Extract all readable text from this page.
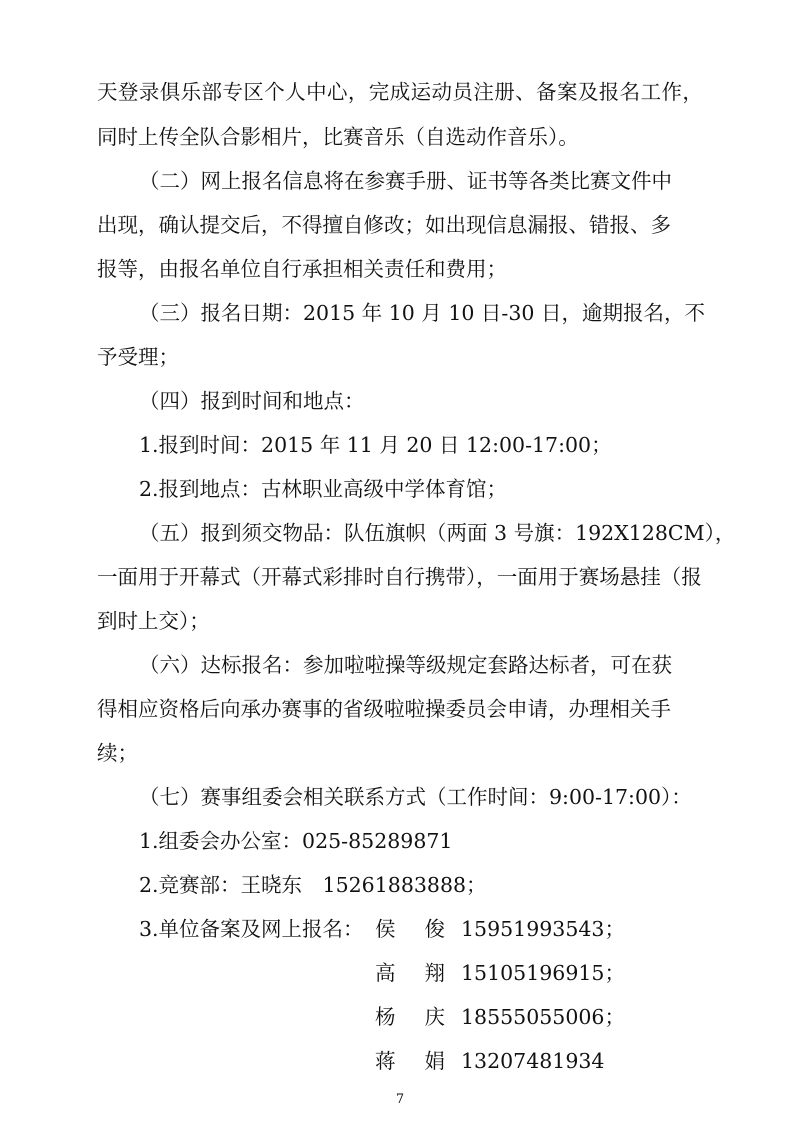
天 登 录 俱 乐 部 专 区 个 人 中 心 ， 完 成 运 动 员 注 册 、 备 案 及 报 名 工 作 ，
同时上传全队合影相片，比赛音乐（自选动作音乐）。
（二）网上报名信息将在参赛手册、证书等各类比赛文件中
出现，确认提交后，不得擅自修改；如出现信息漏报、错报、多
报等，由报名单位自行承担相关责任和费用；
（三）报名日期：2015 年 10 月 10 日-30 日，逾期报名，不
予受理；
（四）报到时间和地点：
1.报到时间：2015 年 11 月 20 日 12:00-17:00；
2.报到地点：古林职业高级中学体育馆；
（五）报到须交物品：队伍旗帜（两面 3 号旗：192X128CM），
一面用于开幕式（开幕式彩排时自行携带），一面用于赛场悬挂（报
到时上交）；
（六）达标报名：参加啦啦操等级规定套路达标者，可在获
得相应资格后向承办赛事的省级啦啦操委员会申请，办理相关手
续；
（七）赛事组委会相关联系方式（工作时间：9:00-17:00）：
1.组委会办公室：025-85289871
2.竞赛部：王晓东　15261883888；
3.单位备案及网上报名： 侯 俊 15951993543；
高 翔 15105196915；
杨 庆 18555055006；
蒋 娟 13207481934
7
